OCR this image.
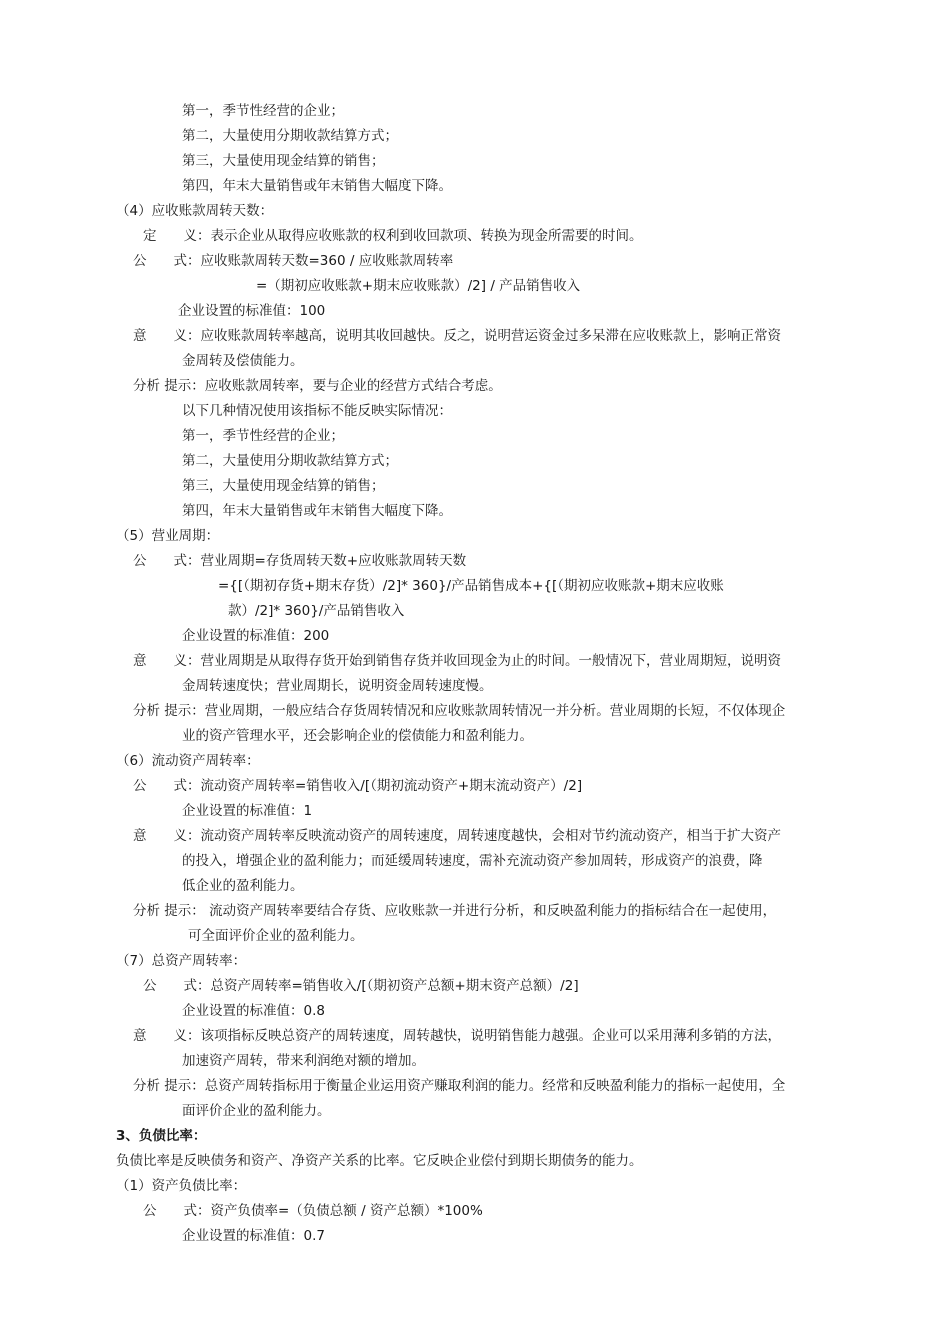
第一，季节性经营的企业；
第二，大量使用分期收款结算方式；
第三，大量使用现金结算的销售；
第四，年末大量销售或年末销售大幅度下降。
（4）应收账款周转天数：
定　　义：表示企业从取得应收账款的权利到收回款项、转换为现金所需要的时间。
公　　式：应收账款周转天数=360 / 应收账款周转率
=（期初应收账款+期末应收账款）/2] / 产品销售收入
企业设置的标准值：100
意　　义：应收账款周转率越高，说明其收回越快。反之，说明营运资金过多呆滞在应收账款上，影响正常资
金周转及偿债能力。
分析 提示：应收账款周转率，要与企业的经营方式结合考虑。
以下几种情况使用该指标不能反映实际情况：
第一，季节性经营的企业；
第二，大量使用分期收款结算方式；
第三，大量使用现金结算的销售；
第四，年末大量销售或年末销售大幅度下降。
（5）营业周期：
公　　式：营业周期=存货周转天数+应收账款周转天数
={[（期初存货+期末存货）/2]* 360}/产品销售成本+{[（期初应收账款+期末应收账
款）/2]* 360}/产品销售收入
企业设置的标准值：200
意　　义：营业周期是从取得存货开始到销售存货并收回现金为止的时间。一般情况下，营业周期短，说明资
金周转速度快；营业周期长，说明资金周转速度慢。
分析 提示：营业周期，一般应结合存货周转情况和应收账款周转情况一并分析。营业周期的长短，不仅体现企
业的资产管理水平，还会影响企业的偿债能力和盈利能力。
（6）流动资产周转率：
公　　式：流动资产周转率=销售收入/[（期初流动资产+期末流动资产）/2]
企业设置的标准值：1
意　　义：流动资产周转率反映流动资产的周转速度，周转速度越快，会相对节约流动资产，相当于扩大资产
的投入，增强企业的盈利能力；而延缓周转速度，需补充流动资产参加周转，形成资产的浪费，降
低企业的盈利能力。
分析 提示： 流动资产周转率要结合存货、应收账款一并进行分析，和反映盈利能力的指标结合在一起使用，
可全面评价企业的盈利能力。
（7）总资产周转率：
公　　式：总资产周转率=销售收入/[（期初资产总额+期末资产总额）/2]
企业设置的标准值：0.8
意　　义：该项指标反映总资产的周转速度，周转越快，说明销售能力越强。企业可以采用薄利多销的方法，
加速资产周转，带来利润绝对额的增加。
分析 提示：总资产周转指标用于衡量企业运用资产赚取利润的能力。经常和反映盈利能力的指标一起使用，全
面评价企业的盈利能力。
3、负债比率：
负债比率是反映债务和资产、净资产关系的比率。它反映企业偿付到期长期债务的能力。
（1）资产负债比率：
公　　式：资产负债率=（负债总额 / 资产总额）*100%
企业设置的标准值：0.7
